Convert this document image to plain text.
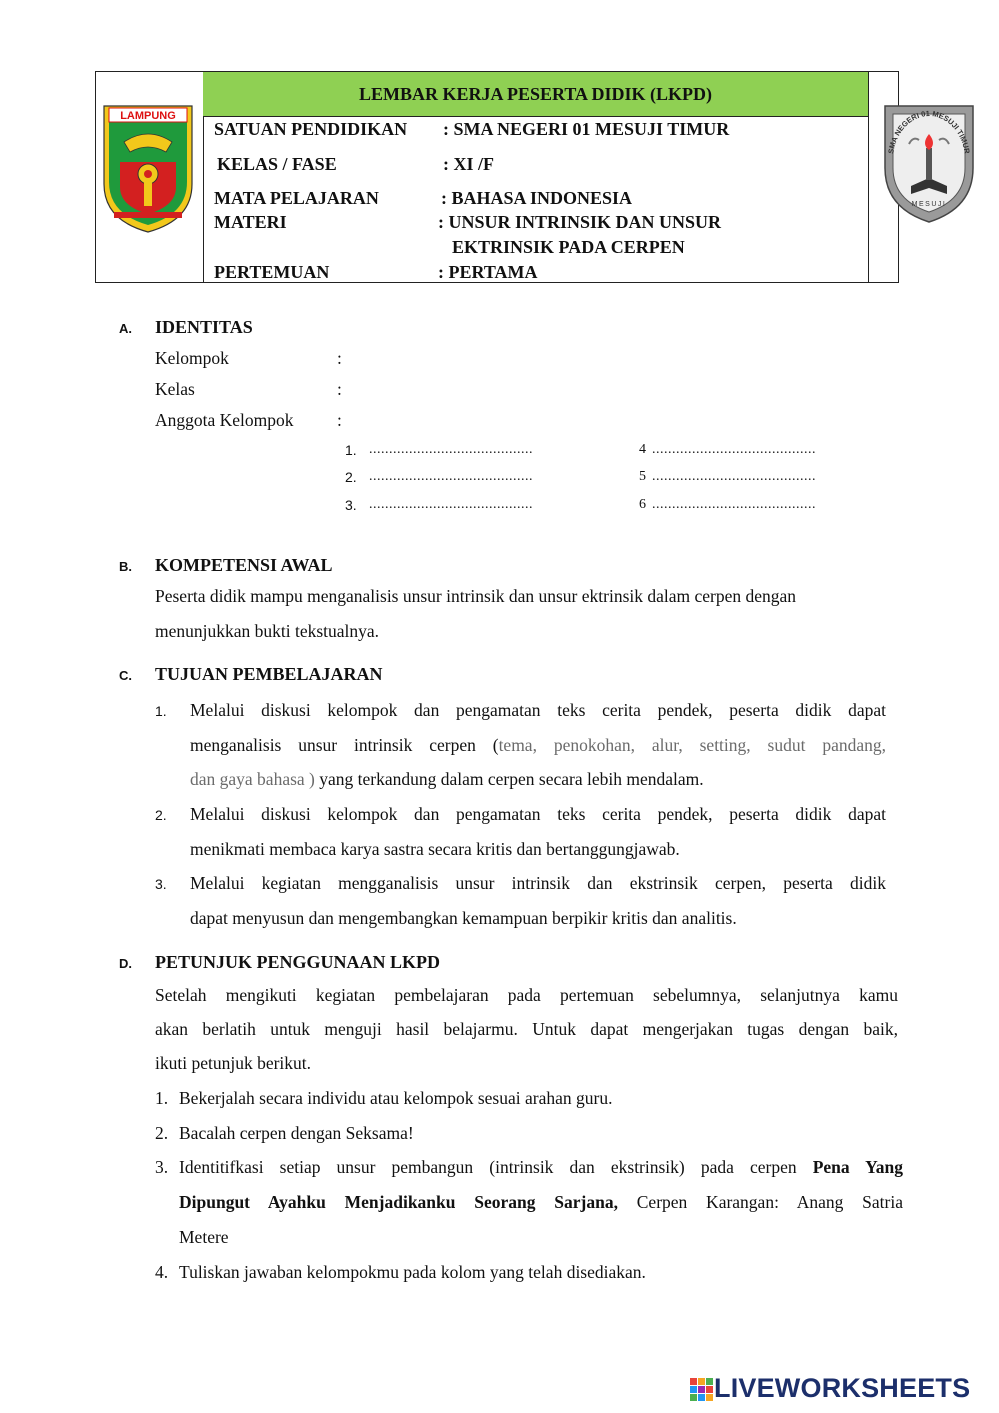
LEMBAR KERJA PESERTA DIDIK (LKPD)
LAMPUNG
SATUAN PENDIDIKAN : SMA NEGERI 01 MESUJI TIMUR
KELAS / FASE	: XI /F
MATA PELAJARAN	: BAHASA INDONESIA
MATERI	: UNSUR INTRINSIK DAN UNSUR
EKTRINSIK PADA CERPEN
PERTEMUAN	: PERTAMA
SMA NEGERI 01 MESUJI TIMUR
MESUJI
A. IDENTITAS
Kelompok	:
Kelas	:
Anggota Kelompok :
1. .........................................	4 .........................................
2. .........................................	5 .........................................
3. .........................................	6 .........................................
B. KOMPETENSI AWAL
Peserta didik mampu menganalisis unsur intrinsik dan unsur ektrinsik dalam cerpen dengan
menunjukkan bukti tekstualnya.
C. TUJUAN PEMBELAJARAN
1. Melalui diskusi kelompok dan pengamatan teks cerita pendek, peserta didik dapat
menganalisis unsur intrinsik cerpen (tema, penokohan, alur, setting, sudut pandang,
dan gaya bahasa ) yang terkandung dalam cerpen secara lebih mendalam.
2. Melalui diskusi kelompok dan pengamatan teks cerita pendek, peserta didik dapat
menikmati membaca karya sastra secara kritis dan bertanggungjawab.
3. Melalui kegiatan mengganalisis unsur intrinsik dan ekstrinsik cerpen, peserta didik
dapat menyusun dan mengembangkan kemampuan berpikir kritis dan analitis.
D. PETUNJUK PENGGUNAAN LKPD
Setelah mengikuti kegiatan pembelajaran pada pertemuan sebelumnya, selanjutnya kamu
akan berlatih untuk menguji hasil belajarmu. Untuk dapat mengerjakan tugas dengan baik,
ikuti petunjuk berikut.
1. Bekerjalah secara individu atau kelompok sesuai arahan guru.
2. Bacalah cerpen dengan Seksama!
3. Identitifkasi setiap unsur pembangun (intrinsik dan ekstrinsik) pada cerpen Pena Yang
Dipungut Ayahku Menjadikanku Seorang Sarjana, Cerpen Karangan: Anang Satria
Metere
4. Tuliskan jawaban kelompokmu pada kolom yang telah disediakan.
LIVEWORKSHEETS
